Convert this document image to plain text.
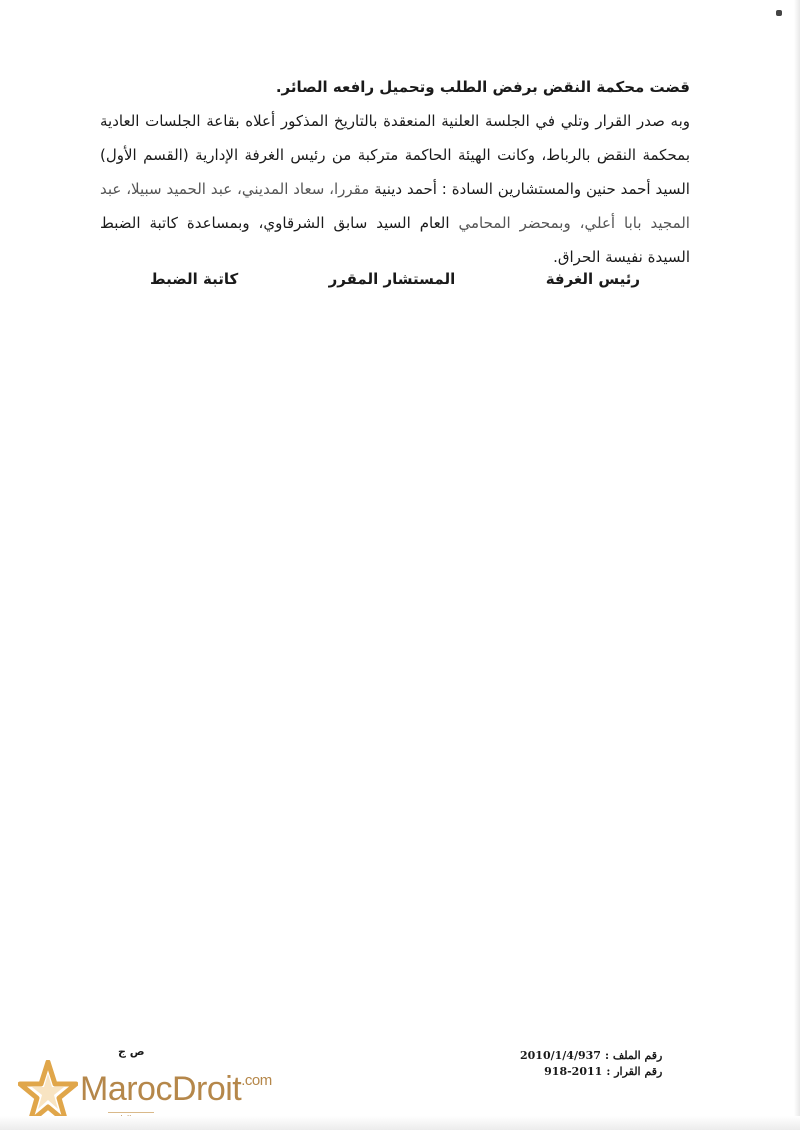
قضت محكمة النقض برفض الطلب وتحميل رافعه الصائر.

وبه صدر القرار وتلي في الجلسة العلنية المنعقدة بالتاريخ المذكور أعلاه بقاعة الجلسات العادية بمحكمة النقض بالرباط، وكانت الهيئة الحاكمة متركبة من رئيس الغرفة الإدارية (القسم الأول) السيد أحمد حنين والمستشارين السادة : أحمد دينية مقررا، سعاد المديني، عبد الحميد سبيلا، عبد المجيد بابا أعلي، وبمحضر المحامي العام السيد سابق الشرقاوي، وبمساعدة كاتبة الضبط السيدة نفيسة الحراق.

رئيس الغرفة
المستشار المقرر
كاتبة الضبط
ص ج	رقم الملف :
2010/1/4/937
رقم القرار :
918-2011
MarocDroit$^{.com}$
